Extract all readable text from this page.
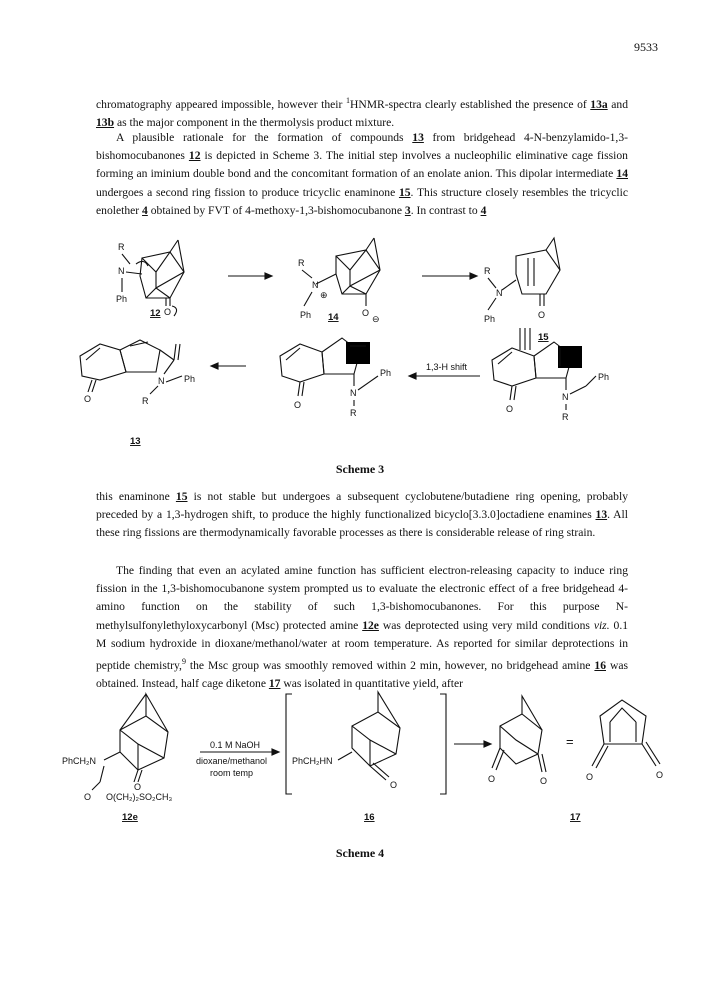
9533

chromatography appeared impossible, however their $^1$HNMR-spectra clearly established the presence of 13a and 13b as the major component in the thermolysis product mixture.

A plausible rationale for the formation of compounds 13 from bridgehead 4-N-benzylamido-1,3-bishomocubanones 12 is depicted in Scheme 3. The initial step involves a nucleophilic eliminative cage fission forming an iminium double bond and the concomitant formation of an enolate anion. This dipolar intermediate 14 undergoes a second ring fission to produce tricyclic enaminone 15. This structure closely resembles the tricyclic enolether 4 obtained by FVT of 4-methoxy-1,3-bishomocubanone 3. In contrast to 4

R
N
Ph
O
12
R
N
⊕
Ph	O
⊖
14
R
N
Ph	O
15
O
N Ph
R
13
O
N
Ph
R
1,3-H shift
O
N
Ph
R
Scheme 3

this enaminone 15 is not stable but undergoes a subsequent cyclobutene/butadiene ring opening, probably preceded by a 1,3-hydrogen shift, to produce the highly functionalized bicyclo[3.3.0]octadiene enamines 13. All these ring fissions are thermodynamically favorable processes as there is considerable release of ring strain.

The finding that even an acylated amine function has sufficient electron-releasing capacity to induce ring fission in the 1,3-bishomocubanone system prompted us to evaluate the electronic effect of a free bridgehead 4-amino function on the stability of such 1,3-bishomocubanones. For this purpose N-methylsulfonylethyloxycarbonyl (Msc) protected amine 12e was deprotected using very mild conditions viz. 0.1 M sodium hydroxide in dioxane/methanol/water at room temperature. As reported for similar deprotections in peptide chemistry,$^9$ the Msc group was smoothly removed within 2 min, however, no bridgehead amine 16 was obtained. Instead, half cage diketone 17 was isolated in quantitative yield, after

PhCH₂N
O
O O(CH₂)₂SO₂CH₃
12e
0.1 M NaOH
dioxane/methanol
room temp
PhCH₂HN
O
16
O	O
=
O	O
17
Scheme 4
